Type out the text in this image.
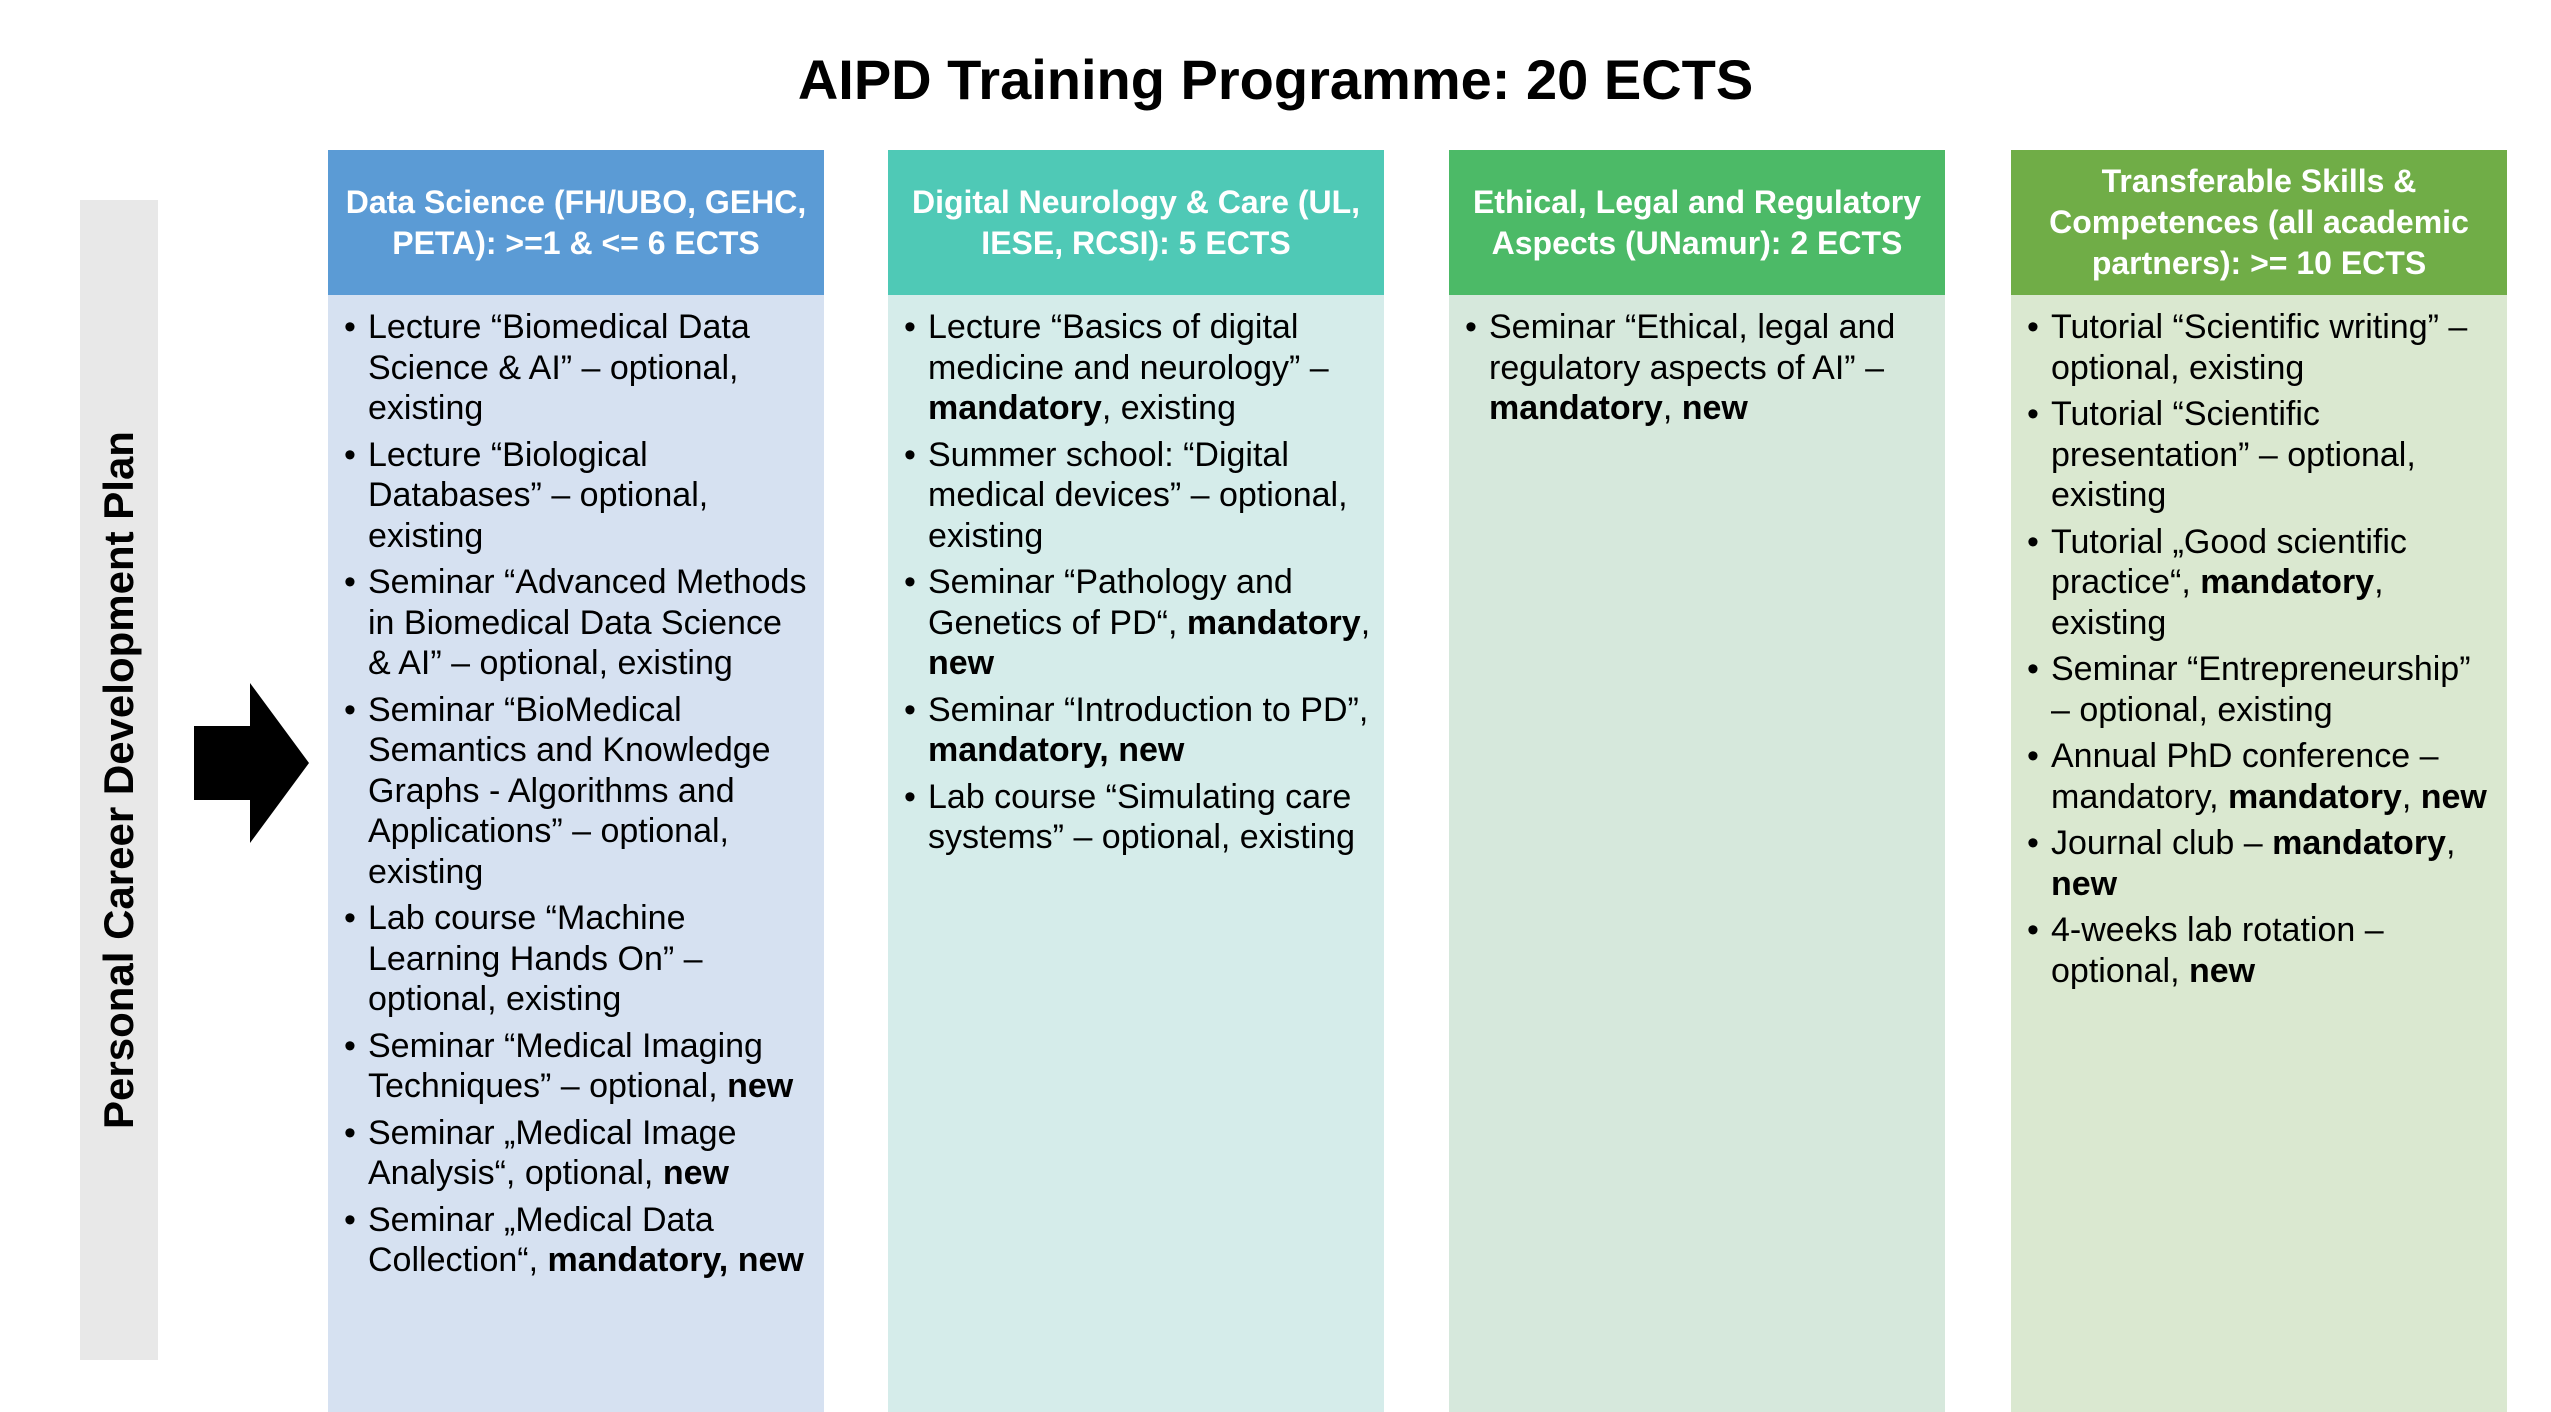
AIPD Training Programme: 20 ECTS
Personal Career Development Plan
Data Science (FH/UBO, GEHC, PETA): >=1 & <= 6 ECTS
• Lecture “Biomedical Data Science & AI” – optional, existing
• Lecture “Biological Databases” – optional, existing
• Seminar “Advanced Methods in Biomedical Data Science & AI” – optional, existing
• Seminar “BioMedical Semantics and Knowledge Graphs - Algorithms and Applications” – optional, existing
• Lab course “Machine Learning Hands On” – optional, existing
• Seminar “Medical Imaging Techniques” – optional, new
• Seminar „Medical Image Analysis“, optional, new
• Seminar „Medical Data Collection“, mandatory, new
Digital Neurology & Care (UL, IESE, RCSI): 5 ECTS
• Lecture “Basics of digital medicine and neurology” – mandatory, existing
• Summer school: “Digital medical devices” – optional, existing
• Seminar “Pathology and Genetics of PD“, mandatory, new
• Seminar “Introduction to PD”, mandatory, new
• Lab course “Simulating care systems” – optional, existing
Ethical, Legal and Regulatory Aspects (UNamur): 2 ECTS
• Seminar “Ethical, legal and regulatory aspects of AI” – mandatory, new
Transferable Skills & Competences (all academic partners): >= 10 ECTS
• Tutorial “Scientific writing” – optional, existing
• Tutorial “Scientific presentation” – optional, existing
• Tutorial „Good scientific practice“, mandatory, existing
• Seminar “Entrepreneurship” – optional, existing
• Annual PhD conference – mandatory, mandatory, new
• Journal club – mandatory, new
• 4-weeks lab rotation – optional, new
